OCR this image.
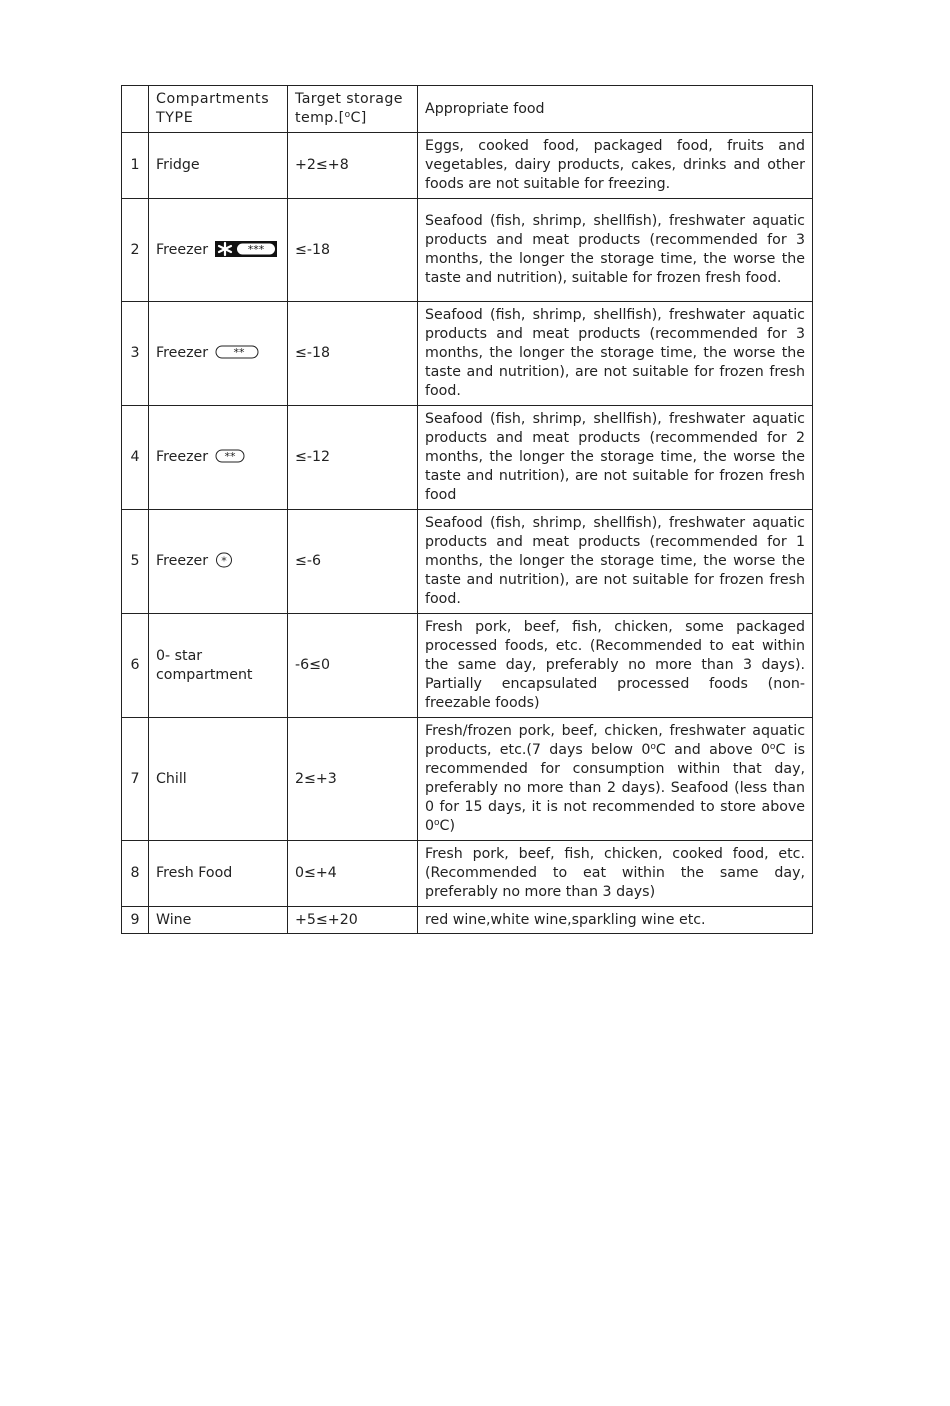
	Compartments TYPE	Target storage temp.[$^o$C]	Appropriate food
1	Fridge	+2≤+8	Eggs, cooked food, packaged food, fruits and vegetables, dairy products, cakes, drinks and other foods are not suitable for freezing.
2	Freezer ***	≤-18	Seafood (fish, shrimp, shellfish), freshwater aquatic products and meat products (recommended for 3 months, the longer the storage time, the worse the taste and nutrition), suitable for frozen fresh food.
3	Freezer **	≤-18	Seafood (fish, shrimp, shellfish), freshwater aquatic products and meat products (recommended for 3 months, the longer the storage time, the worse the taste and nutrition), are not suitable for frozen fresh food.
4	Freezer **	≤-12	Seafood (fish, shrimp, shellfish), freshwater aquatic products and meat products (recommended for 2 months, the longer the storage time, the worse the taste and nutrition), are not suitable for frozen fresh food
5	Freezer *	≤-6	Seafood (fish, shrimp, shellfish), freshwater aquatic products and meat products (recommended for 1 months, the longer the storage time, the worse the taste and nutrition), are not suitable for frozen fresh food.
6	0- star compartment	-6≤0	Fresh pork, beef, fish, chicken, some packaged processed foods, etc. (Recommended to eat within the same day, preferably no more than 3 days). Partially encapsulated processed foods (non-freezable foods)
7	Chill	2≤+3	Fresh/frozen pork, beef, chicken, freshwater aquatic products, etc.(7 days below 0$^o$C and above 0$^o$C is recommended for consumption within that day, preferably no more than 2 days). Seafood (less than 0 for 15 days, it is not recommended to store above 0$^o$C)
8	Fresh Food	0≤+4	Fresh pork, beef, fish, chicken, cooked food, etc. (Recommended to eat within the same day, preferably no more than 3 days)
9	Wine	+5≤+20	red wine,white wine,sparkling wine etc.
